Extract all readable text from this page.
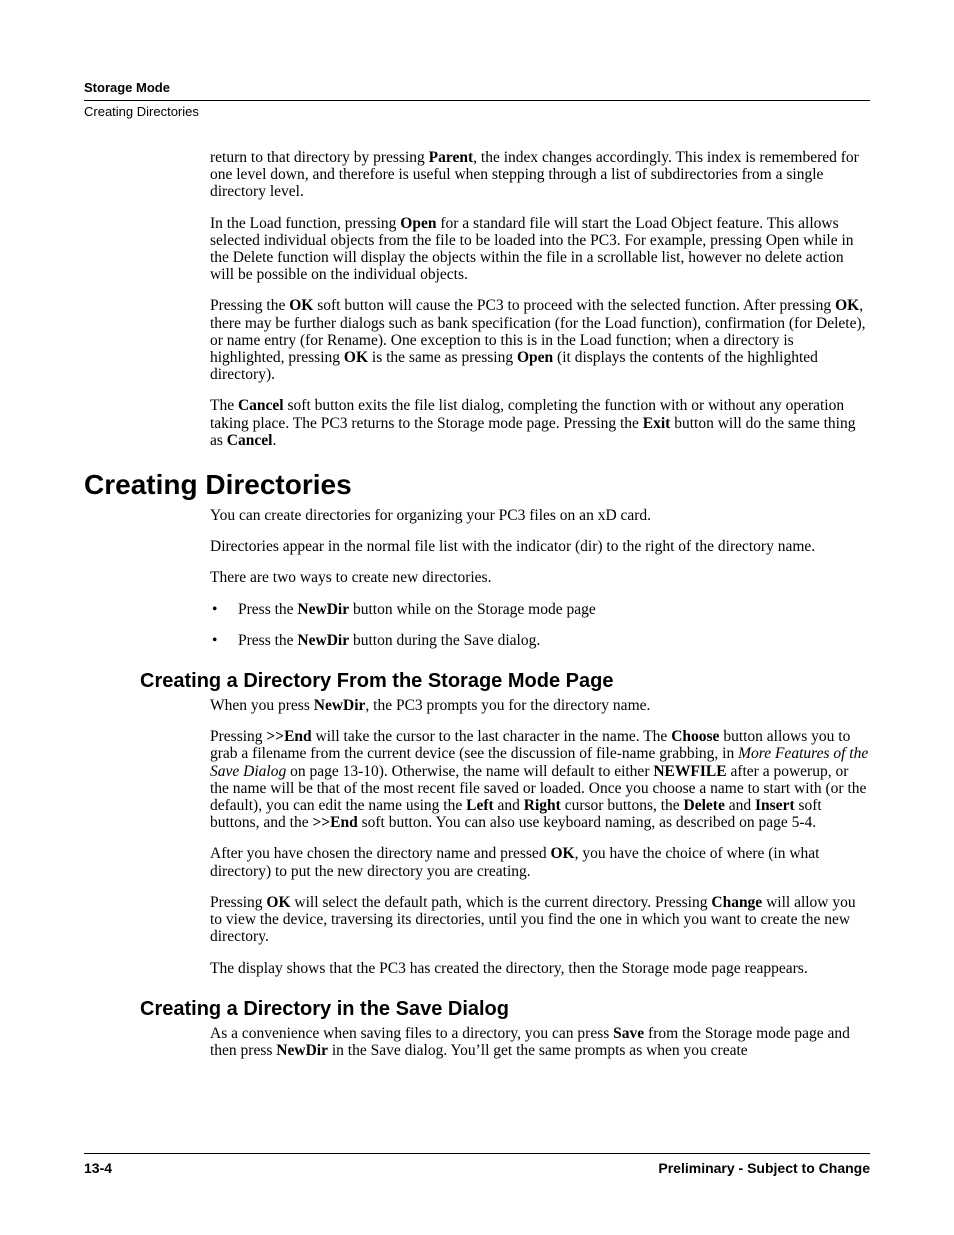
Storage Mode
Creating Directories

return to that directory by pressing Parent, the index changes accordingly. This index is remembered for one level down, and therefore is useful when stepping through a list of subdirectories from a single directory level.

In the Load function, pressing Open for a standard file will start the Load Object feature. This allows selected individual objects from the file to be loaded into the PC3. For example, pressing Open while in the Delete function will display the objects within the file in a scrollable list, however no delete action will be possible on the individual objects.

Pressing the OK soft button will cause the PC3 to proceed with the selected function. After pressing OK, there may be further dialogs such as bank specification (for the Load function), confirmation (for Delete), or name entry (for Rename). One exception to this is in the Load function; when a directory is highlighted, pressing OK is the same as pressing Open (it displays the contents of the highlighted directory).

The Cancel soft button exits the file list dialog, completing the function with or without any operation taking place. The PC3 returns to the Storage mode page. Pressing the Exit button will do the same thing as Cancel.

Creating Directories

You can create directories for organizing your PC3 files on an xD card.

Directories appear in the normal file list with the indicator (dir) to the right of the directory name.

There are two ways to create new directories.

• Press the NewDir button while on the Storage mode page
• Press the NewDir button during the Save dialog.
Creating a Directory From the Storage Mode Page

When you press NewDir, the PC3 prompts you for the directory name.

Pressing >>End will take the cursor to the last character in the name. The Choose button allows you to grab a filename from the current device (see the discussion of file-name grabbing, in More Features of the Save Dialog on page 13-10). Otherwise, the name will default to either NEWFILE after a powerup, or the name will be that of the most recent file saved or loaded. Once you choose a name to start with (or the default), you can edit the name using the Left and Right cursor buttons, the Delete and Insert soft buttons, and the >>End soft button. You can also use keyboard naming, as described on page 5-4.

After you have chosen the directory name and pressed OK, you have the choice of where (in what directory) to put the new directory you are creating.

Pressing OK will select the default path, which is the current directory. Pressing Change will allow you to view the device, traversing its directories, until you find the one in which you want to create the new directory.

The display shows that the PC3 has created the directory, then the Storage mode page reappears.

Creating a Directory in the Save Dialog

As a convenience when saving files to a directory, you can press Save from the Storage mode page and then press NewDir in the Save dialog. You’ll get the same prompts as when you create

13-4	Preliminary - Subject to Change
